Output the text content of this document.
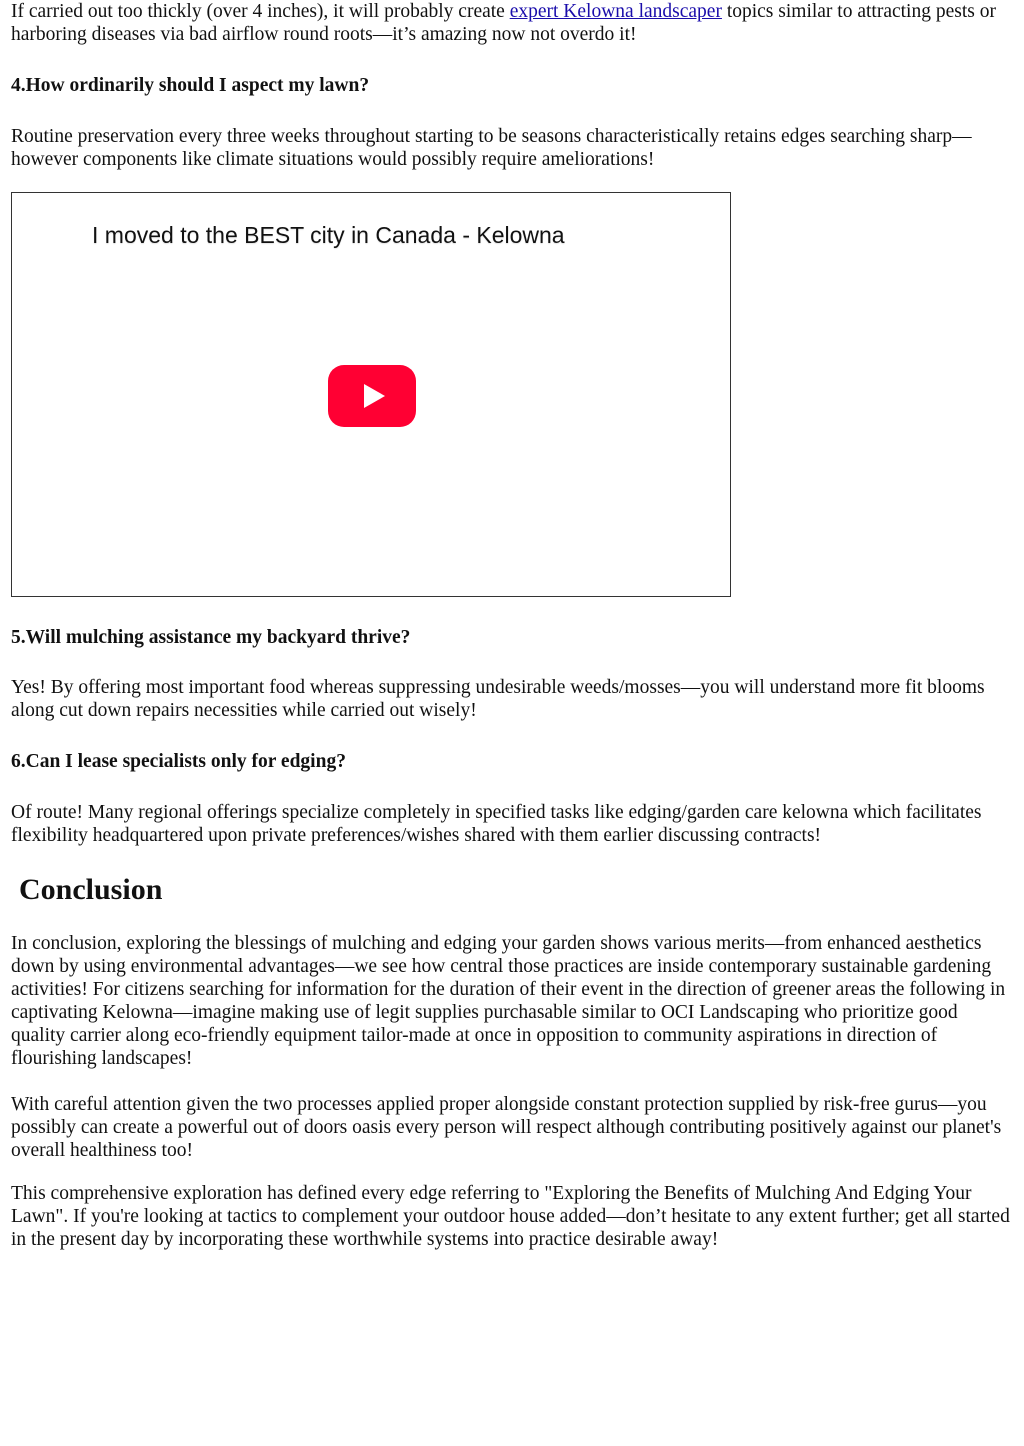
If carried out too thickly (over 4 inches), it will probably create expert Kelowna landscaper topics similar to attracting pests or harboring diseases via bad airflow round roots—it’s amazing now not overdo it!

4.How ordinarily should I aspect my lawn?

Routine preservation every three weeks throughout starting to be seasons characteristically retains edges searching sharp—however components like climate situations would possibly require ameliorations!

I moved to the BEST city in Canada - Kelowna

5.Will mulching assistance my backyard thrive?

Yes! By offering most important food whereas suppressing undesirable weeds/mosses—you will understand more fit blooms along cut down repairs necessities while carried out wisely!

6.Can I lease specialists only for edging?

Of route! Many regional offerings specialize completely in specified tasks like edging/garden care kelowna which facilitates flexibility headquartered upon private preferences/wishes shared with them earlier discussing contracts!

Conclusion

In conclusion, exploring the blessings of mulching and edging your garden shows various merits—from enhanced aesthetics down by using environmental advantages—we see how central those practices are inside contemporary sustainable gardening activities! For citizens searching for information for the duration of their event in the direction of greener areas the following in captivating Kelowna—imagine making use of legit supplies purchasable similar to OCI Landscaping who prioritize good quality carrier along eco-friendly equipment tailor-made at once in opposition to community aspirations in direction of flourishing landscapes!

With careful attention given the two processes applied proper alongside constant protection supplied by risk-free gurus—you possibly can create a powerful out of doors oasis every person will respect although contributing positively against our planet's overall healthiness too!

This comprehensive exploration has defined every edge referring to "Exploring the Benefits of Mulching And Edging Your Lawn". If you're looking at tactics to complement your outdoor house added—don’t hesitate to any extent further; get all started in the present day by incorporating these worthwhile systems into practice desirable away!
